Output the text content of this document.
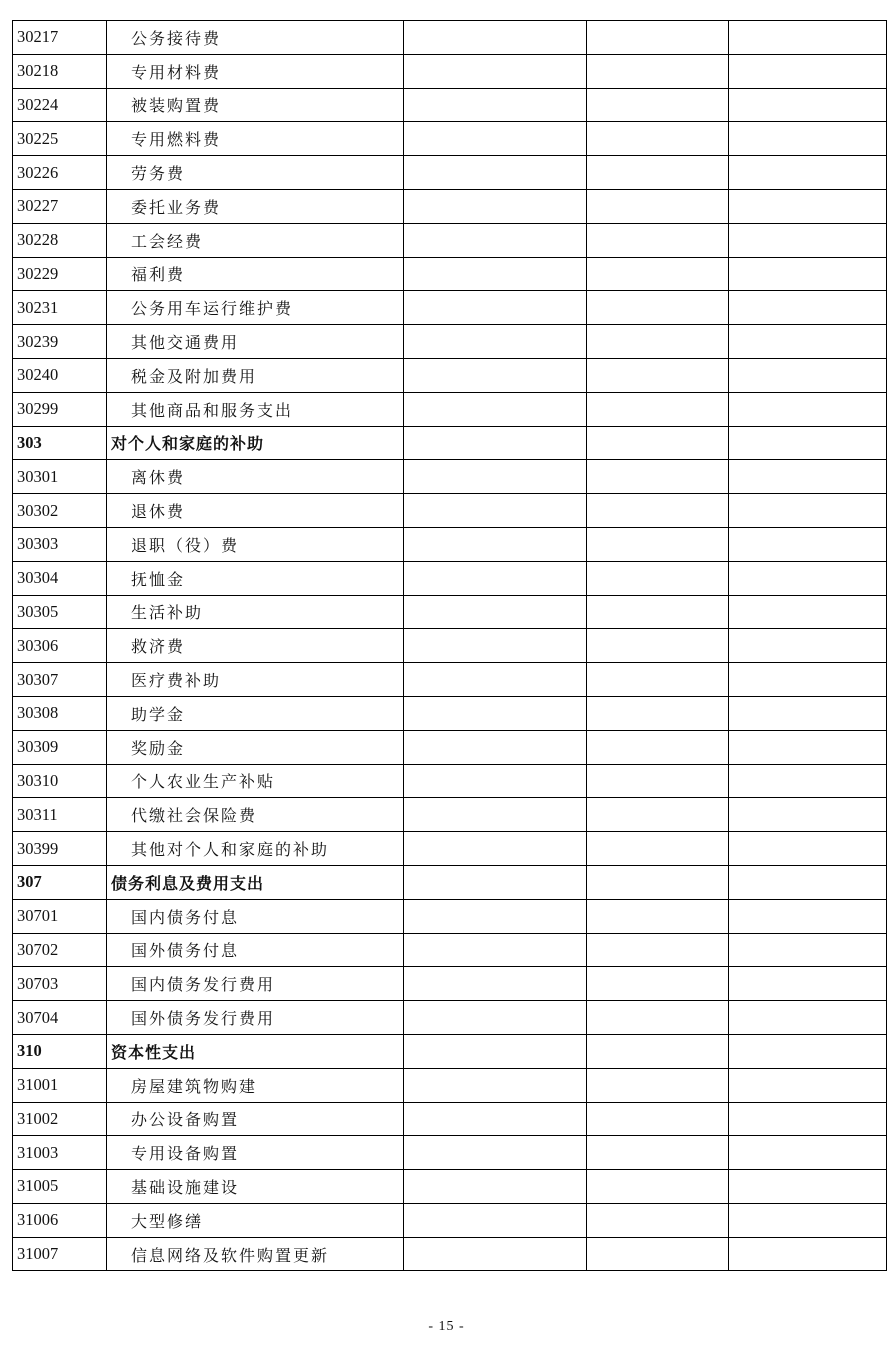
30217	公务接待费			
30218	专用材料费			
30224	被装购置费			
30225	专用燃料费			
30226	劳务费			
30227	委托业务费			
30228	工会经费			
30229	福利费			
30231	公务用车运行维护费			
30239	其他交通费用			
30240	税金及附加费用			
30299	其他商品和服务支出			
303	对个人和家庭的补助			
30301	离休费			
30302	退休费			
30303	退职（役）费			
30304	抚恤金			
30305	生活补助			
30306	救济费			
30307	医疗费补助			
30308	助学金			
30309	奖励金			
30310	个人农业生产补贴			
30311	代缴社会保险费			
30399	其他对个人和家庭的补助			
307	债务利息及费用支出			
30701	国内债务付息			
30702	国外债务付息			
30703	国内债务发行费用			
30704	国外债务发行费用			
310	资本性支出			
31001	房屋建筑物购建			
31002	办公设备购置			
31003	专用设备购置			
31005	基础设施建设			
31006	大型修缮			
31007	信息网络及软件购置更新			
- 15 -
